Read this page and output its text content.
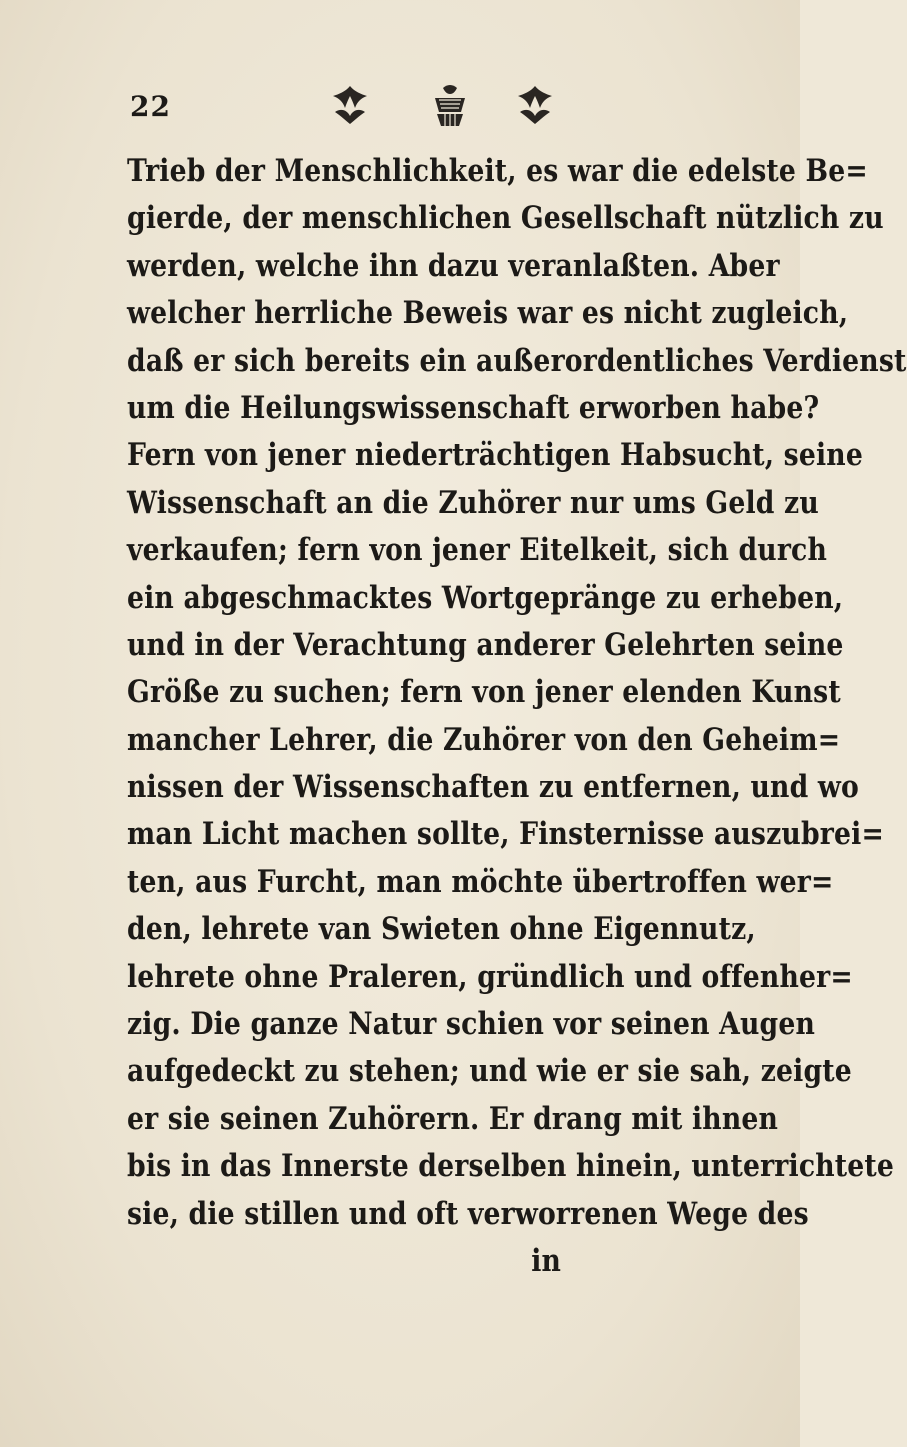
22
Trieb der Menschlichkeit, es war die edelste Be=
gierde, der menschlichen Gesellschaft nützlich zu
werden, welche ihn dazu veranlaßten. Aber
welcher herrliche Beweis war es nicht zugleich,
daß er sich bereits ein außerordentliches Verdienst
um die Heilungswissenschaft erworben habe?
Fern von jener niederträchtigen Habsucht, seine
Wissenschaft an die Zuhörer nur ums Geld zu
verkaufen; fern von jener Eitelkeit, sich durch
ein abgeschmacktes Wortgepränge zu erheben,
und in der Verachtung anderer Gelehrten seine
Größe zu suchen; fern von jener elenden Kunst
mancher Lehrer, die Zuhörer von den Geheim=
nissen der Wissenschaften zu entfernen, und wo
man Licht machen sollte, Finsternisse auszubrei=
ten, aus Furcht, man möchte übertroffen wer=
den, lehrete van Swieten ohne Eigennutz,
lehrete ohne Praleren, gründlich und offenher=
zig. Die ganze Natur schien vor seinen Augen
aufgedeckt zu stehen; und wie er sie sah, zeigte
er sie seinen Zuhörern. Er drang mit ihnen
bis in das Innerste derselben hinein, unterrichtete
sie, die stillen und oft verworrenen Wege des
in
